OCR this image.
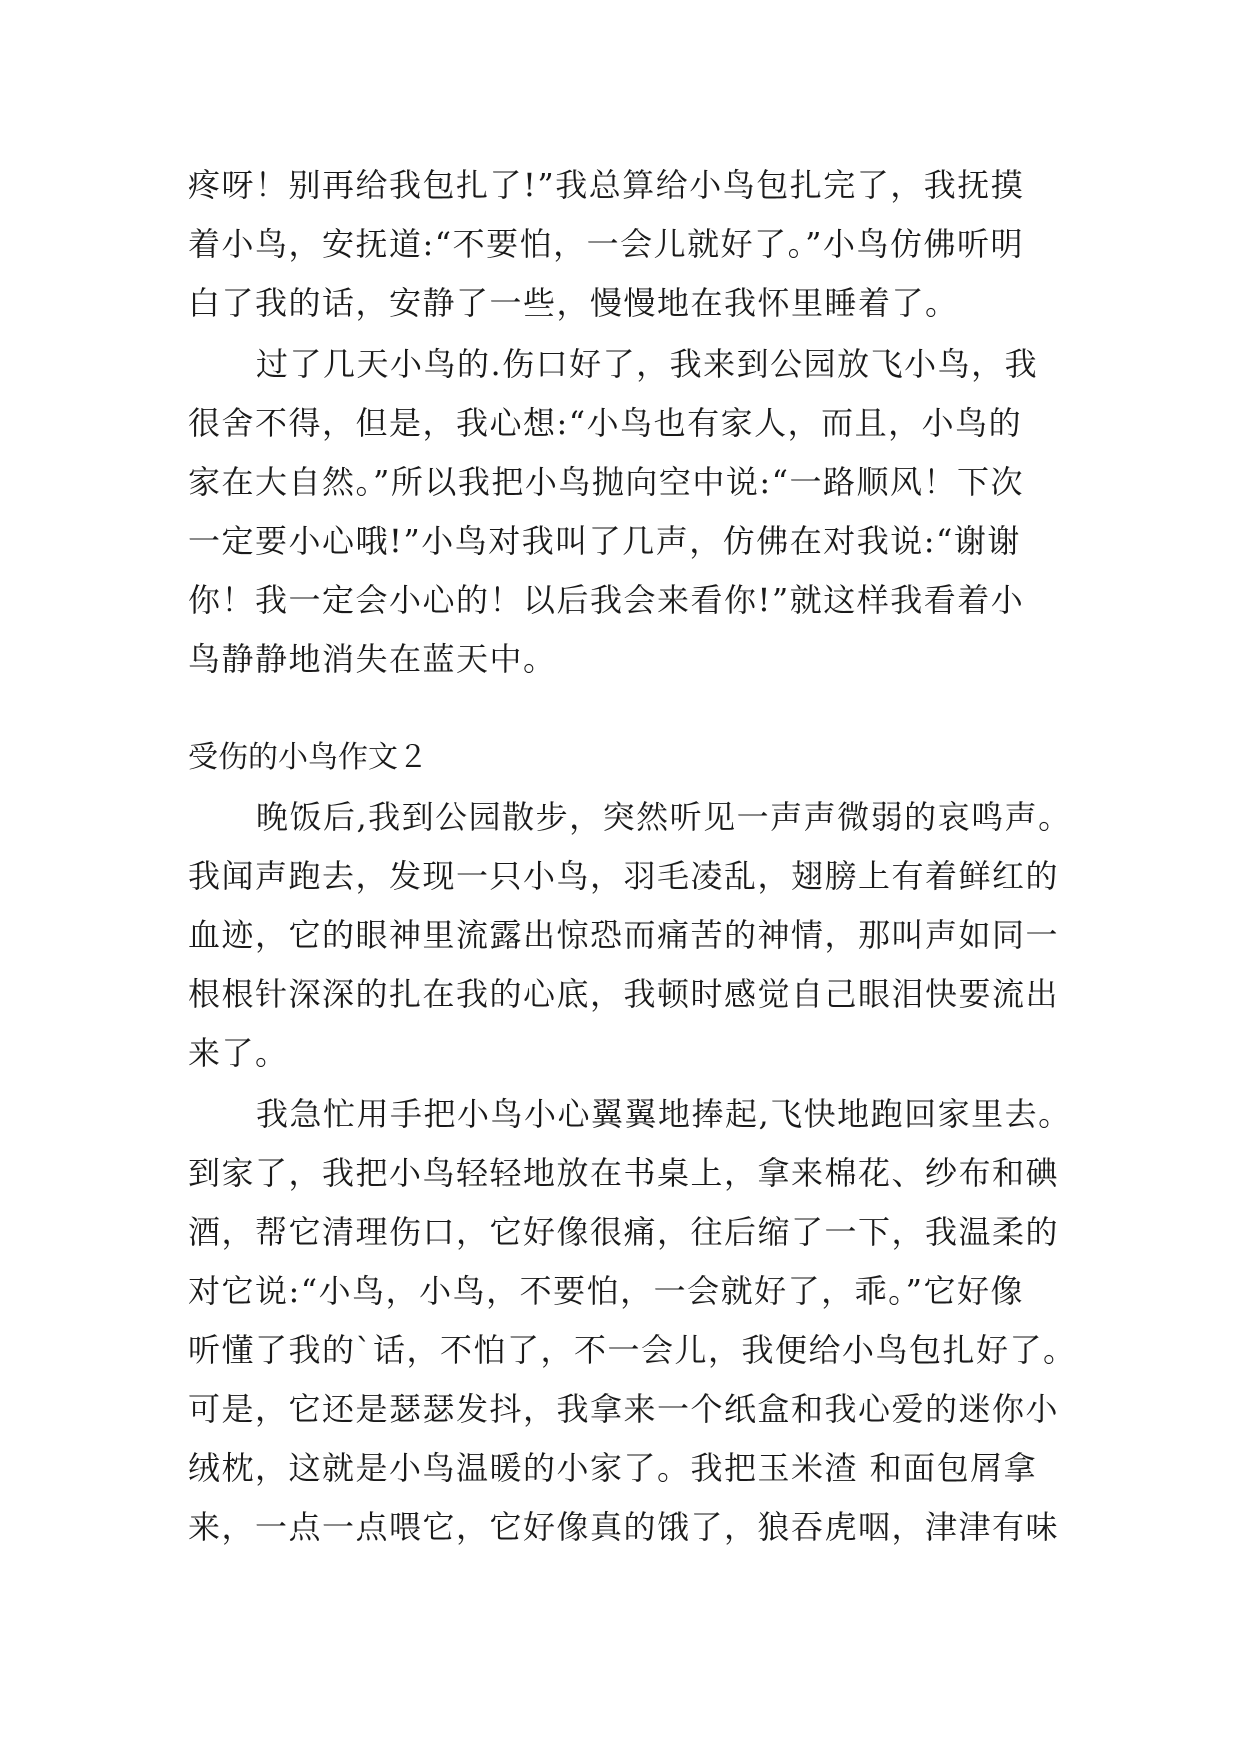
疼呀！别再给我包扎了!”我总算给小鸟包扎完了，我抚摸
着小鸟，安抚道:“不要怕，一会儿就好了。”小鸟仿佛听明
白了我的话，安静了一些，慢慢地在我怀里睡着了。
过了几天小鸟的.伤口好了，我来到公园放飞小鸟，我
很舍不得，但是，我心想:“小鸟也有家人，而且，小鸟的
家在大自然。”所以我把小鸟抛向空中说:“一路顺风！下次
一定要小心哦!”小鸟对我叫了几声，仿佛在对我说:“谢谢
你！我一定会小心的！以后我会来看你!”就这样我看着小
鸟静静地消失在蓝天中。
受伤的小鸟作文２
晚饭后,我到公园散步，突然听见一声声微弱的哀鸣声。
我闻声跑去，发现一只小鸟，羽毛凌乱，翅膀上有着鲜红的
血迹，它的眼神里流露出惊恐而痛苦的神情，那叫声如同一
根根针深深的扎在我的心底，我顿时感觉自己眼泪快要流出
来了。
我急忙用手把小鸟小心翼翼地捧起,飞快地跑回家里去。
到家了，我把小鸟轻轻地放在书桌上，拿来棉花、纱布和碘
酒，帮它清理伤口，它好像很痛，往后缩了一下，我温柔的
对它说:“小鸟，小鸟，不要怕，一会就好了，乖。”它好像
听懂了我的`话，不怕了，不一会儿，我便给小鸟包扎好了。
可是，它还是瑟瑟发抖，我拿来一个纸盒和我心爱的迷你小
绒枕，这就是小鸟温暖的小家了。我把玉米渣 和面包屑拿
来，一点一点喂它，它好像真的饿了，狼吞虎咽，津津有味
